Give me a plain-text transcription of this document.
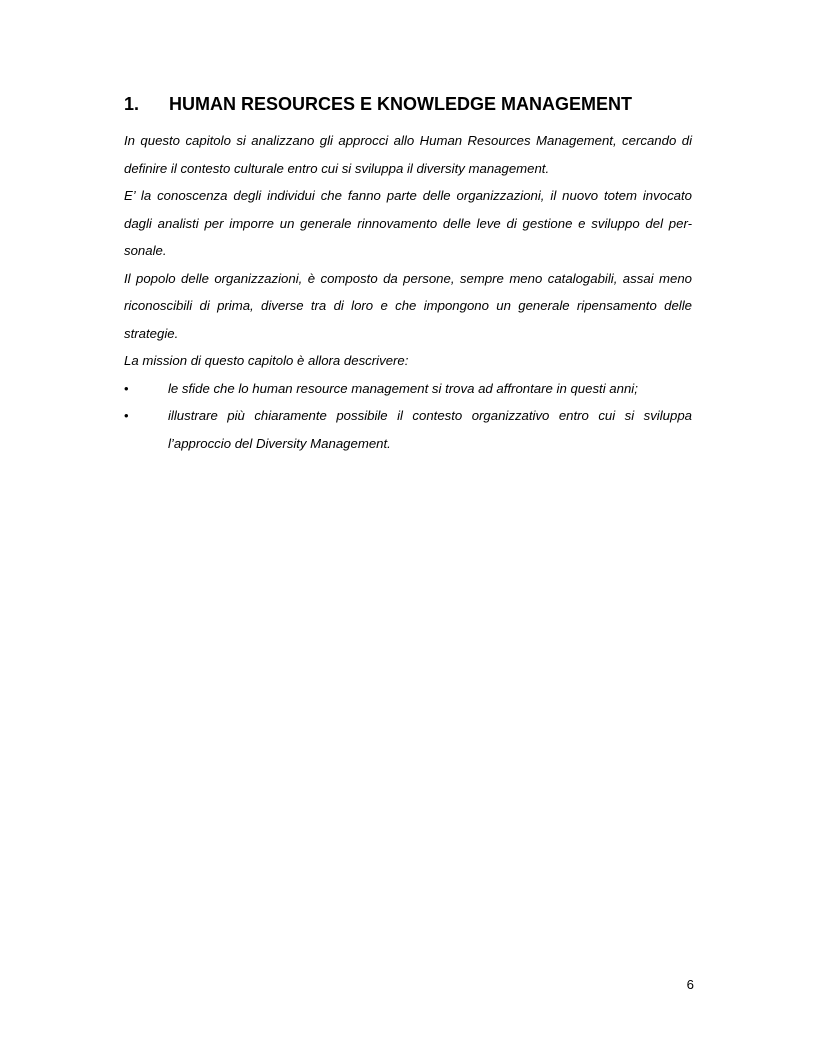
1. HUMAN RESOURCES E KNOWLEDGE MANAGEMENT

In questo capitolo si analizzano gli approcci allo Human Resources Management, cercando di
definire il contesto culturale entro cui si sviluppa il diversity management.

E’ la conoscenza degli individui che fanno parte delle organizzazioni, il nuovo totem invocato
dagli analisti per imporre un generale rinnovamento delle leve di gestione e sviluppo del per-
sonale.

Il popolo delle organizzazioni, è composto da persone, sempre meno catalogabili, assai meno
riconoscibili di prima, diverse tra di loro e che impongono un generale ripensamento delle
strategie.

La mission di questo capitolo è allora descrivere:

•	le sfide che lo human resource management si trova ad affrontare in questi anni;
•	illustrare più chiaramente possibile il contesto organizzativo entro cui si sviluppa
l’approccio del Diversity Management.
6
